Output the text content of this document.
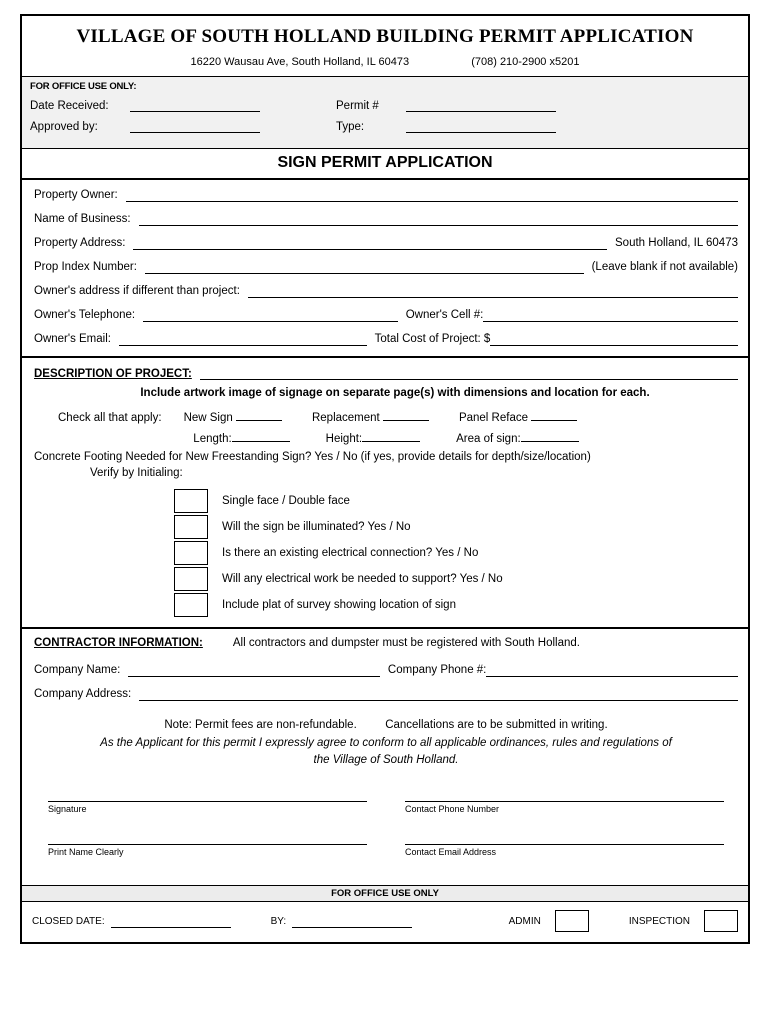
VILLAGE OF SOUTH HOLLAND BUILDING PERMIT APPLICATION
16220 Wausau Ave, South Holland, IL 60473	(708) 210-2900 x5201
FOR OFFICE USE ONLY:
Date Received:	Permit #
Approved by:	Type:
SIGN PERMIT APPLICATION
Property Owner:
Name of Business:
Property Address:	South Holland, IL 60473
Prop Index Number:	(Leave blank if not available)
Owner's address if different than project:
Owner's Telephone:	Owner's Cell #:
Owner's Email:	Total Cost of Project: $
DESCRIPTION OF PROJECT:
Include artwork image of signage on separate page(s) with dimensions and location for each.
Check all that apply:	New Sign	Replacement	Panel Reface
Length:	Height:	Area of sign:
Concrete Footing Needed for New Freestanding Sign? Yes / No (if yes, provide details for depth/size/location)
Verify by Initialing:
Single face / Double face
Will the sign be illuminated? Yes / No
Is there an existing electrical connection? Yes / No
Will any electrical work be needed to support? Yes / No
Include plat of survey showing location of sign
CONTRACTOR INFORMATION:	All contractors and dumpster must be registered with South Holland.
Company Name:	Company Phone #:
Company Address:
Note: Permit fees are non-refundable. Cancellations are to be submitted in writing.
As the Applicant for this permit I expressly agree to conform to all applicable ordinances, rules and regulations of
the Village of South Holland.
Signature	Contact Phone Number
Print Name Clearly	Contact Email Address
FOR OFFICE USE ONLY
CLOSED DATE:	BY:	ADMIN	INSPECTION
